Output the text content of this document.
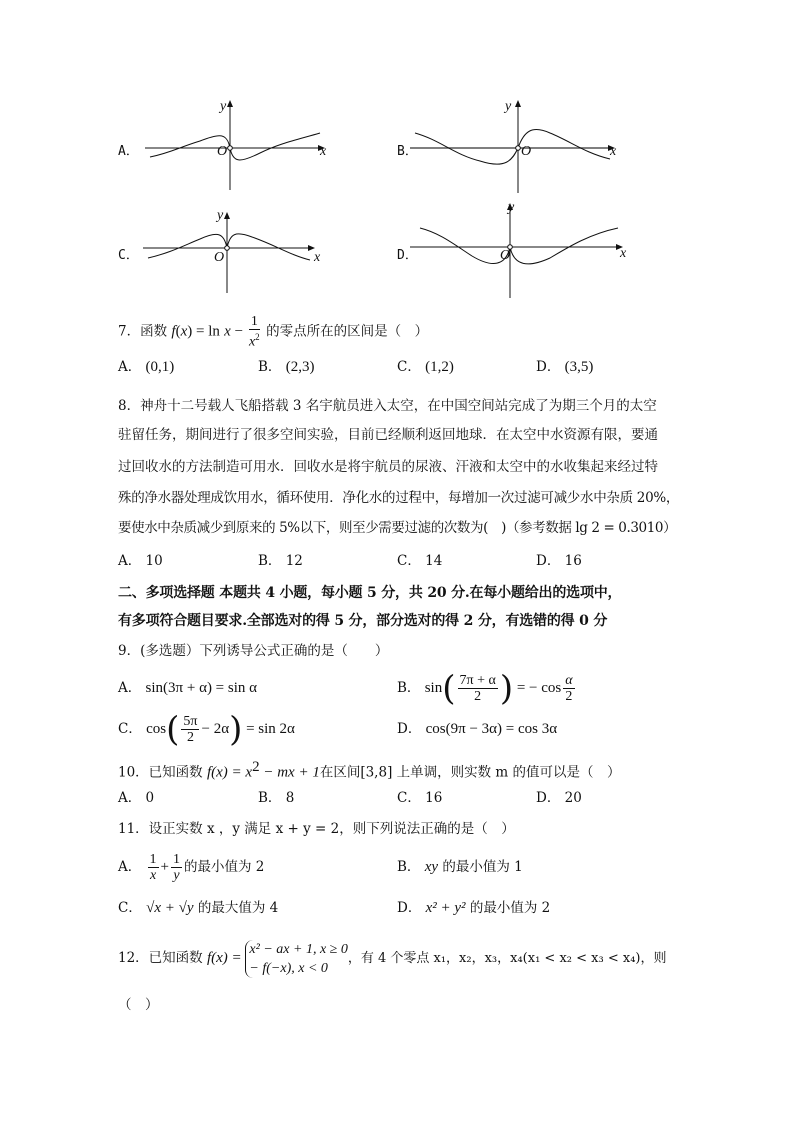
A．
y
O	x	B．
y
O	x
C．
y
O	x	D．
y
O	x
7．函数 $f(x) = \ln x - \frac{1}{x^2}$ 的零点所在的区间是（　）
A． (0,1)	B． (2,3)	C． (1,2)	D． (3,5)
8．神舟十二号载人飞船搭载 3 名宇航员进入太空，在中国空间站完成了为期三个月的太空
驻留任务，期间进行了很多空间实验，目前已经顺利返回地球．在太空中水资源有限，要通
过回收水的方法制造可用水．回收水是将宇航员的尿液、汗液和太空中的水收集起来经过特
殊的净水器处理成饮用水，循环使用．净化水的过程中，每增加一次过滤可减少水中杂质 20%，
要使水中杂质减少到原来的 5%以下，则至少需要过滤的次数为(　)（参考数据 lg 2 = 0.3010）
A． 10	B． 12	C． 14	D． 16
二、多项选择题 本题共 4 小题，每小题 5 分，共 20 分.在每小题给出的选项中，
有多项符合题目要求.全部选对的得 5 分，部分选对的得 2 分，有选错的得 0 分
9．(多选题）下列诱导公式正确的是（　　）
A． sin(3π + α) = sin α	B． $\sin( \frac{7\pi + \alpha}{2}$ ) = − $\cos \frac{\alpha}{2}$
C． $\cos( \frac{5\pi}{2} - 2\alpha) = \sin 2\alpha$	D． cos(9π − 3α) = cos 3α
10．已知函数 $f(x) = x^2$ − mx + 1在区间[3,8] 上单调，则实数 m 的值可以是（　）
A． 0	B． 8	C． 16	D． 20
11．设正实数 x ，y 满足 x + y = 2，则下列说法正确的是（　）
A． $\frac{1}{x} + \frac{1}{y}$ 的最小值为 2	B． xy 的最小值为 1
C． √x + √y 的最大值为 4	D． x² + y² 的最小值为 2
12．已知函数 f(x) =
x² − ax + 1, x ≥ 0
− f(−x), x < 0
，有 4 个零点 x₁，x₂，x₃，x₄(x₁ < x₂ < x₃ < x₄)，则
（　）
